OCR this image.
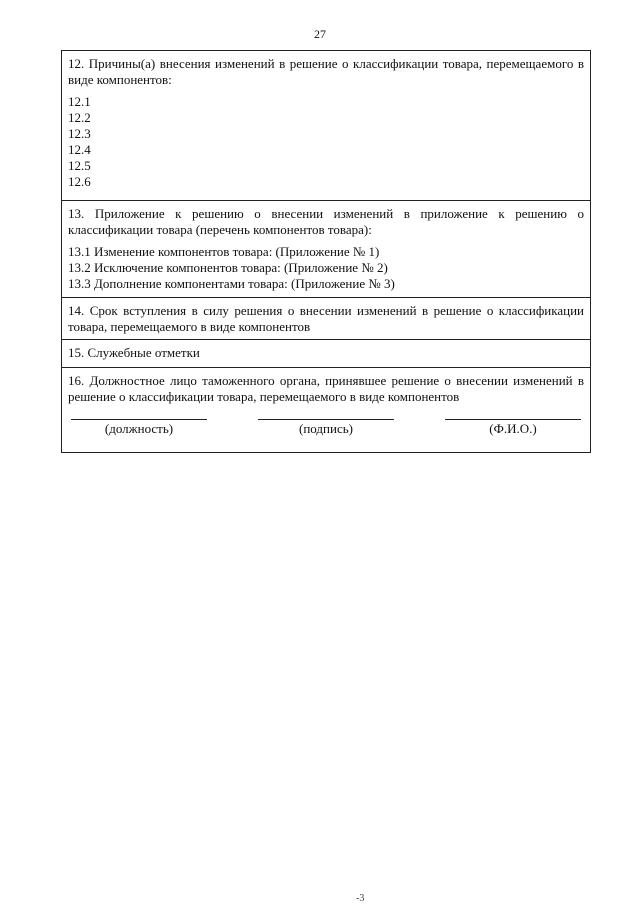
27
12. Причины(а) внесения изменений в решение о классификации товара, перемещаемого в виде компонентов:
12.1
12.2
12.3
12.4
12.5
12.6
13. Приложение к решению о внесении изменений в приложение к решению о классификации товара (перечень компонентов товара):
13.1 Изменение компонентов товара: (Приложение № 1)
13.2 Исключение компонентов товара: (Приложение № 2)
13.3 Дополнение компонентами товара: (Приложение № 3)
14. Срок вступления в силу решения о внесении изменений в решение о классификации товара, перемещаемого в виде компонентов
15. Служебные отметки
16. Должностное лицо таможенного органа, принявшее решение о внесении изменений в решение о классификации товара, перемещаемого в виде компонентов
(должность)	(подпись)	(Ф.И.О.)
-3
